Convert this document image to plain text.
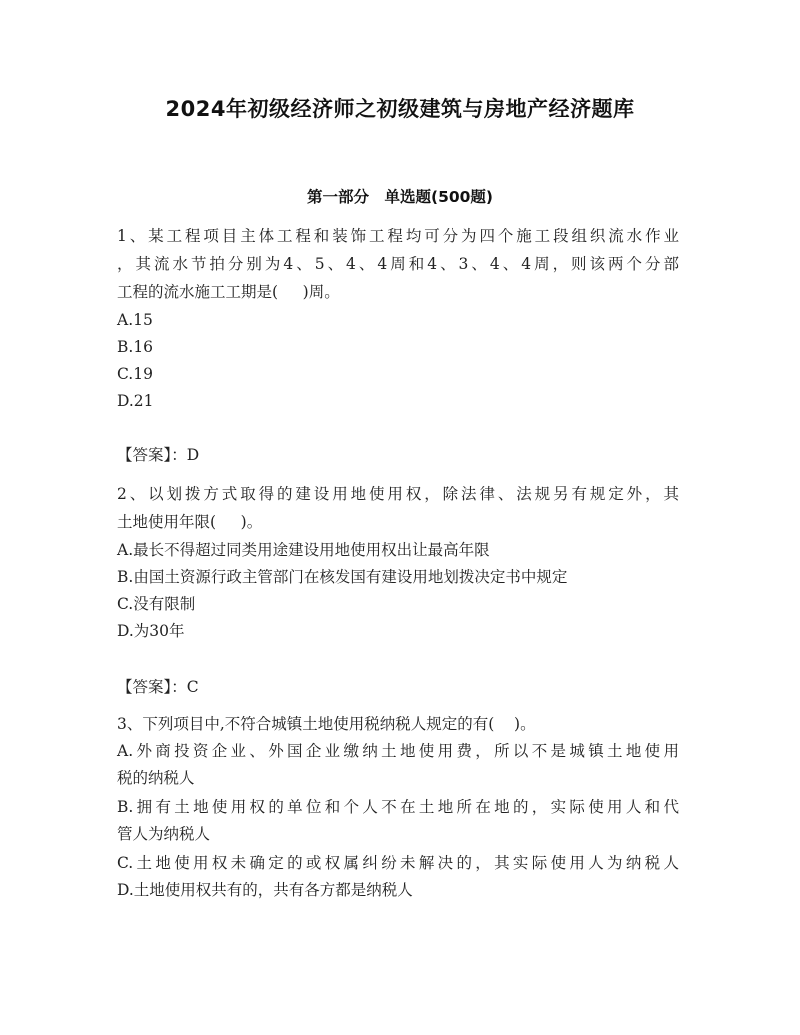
2024年初级经济师之初级建筑与房地产经济题库
第一部分　单选题(500题)
1、某工程项目主体工程和装饰工程均可分为四个施工段组织流水作业
，其流水节拍分别为4、5、4、4周和4、3、4、4周，则该两个分部
工程的流水施工工期是(     )周。
A.15
B.16
C.19
D.21
【答案】：D
2、以划拨方式取得的建设用地使用权，除法律、法规另有规定外，其
土地使用年限(     )。
A.最长不得超过同类用途建设用地使用权出让最高年限
B.由国土资源行政主管部门在核发国有建设用地划拨决定书中规定
C.没有限制
D.为30年
【答案】：C
3、下列项目中,不符合城镇土地使用税纳税人规定的有(    )。
A.外商投资企业、外国企业缴纳土地使用费，所以不是城镇土地使用
税的纳税人
B.拥有土地使用权的单位和个人不在土地所在地的，实际使用人和代
管人为纳税人
C.土地使用权未确定的或权属纠纷未解决的，其实际使用人为纳税人
D.土地使用权共有的，共有各方都是纳税人
